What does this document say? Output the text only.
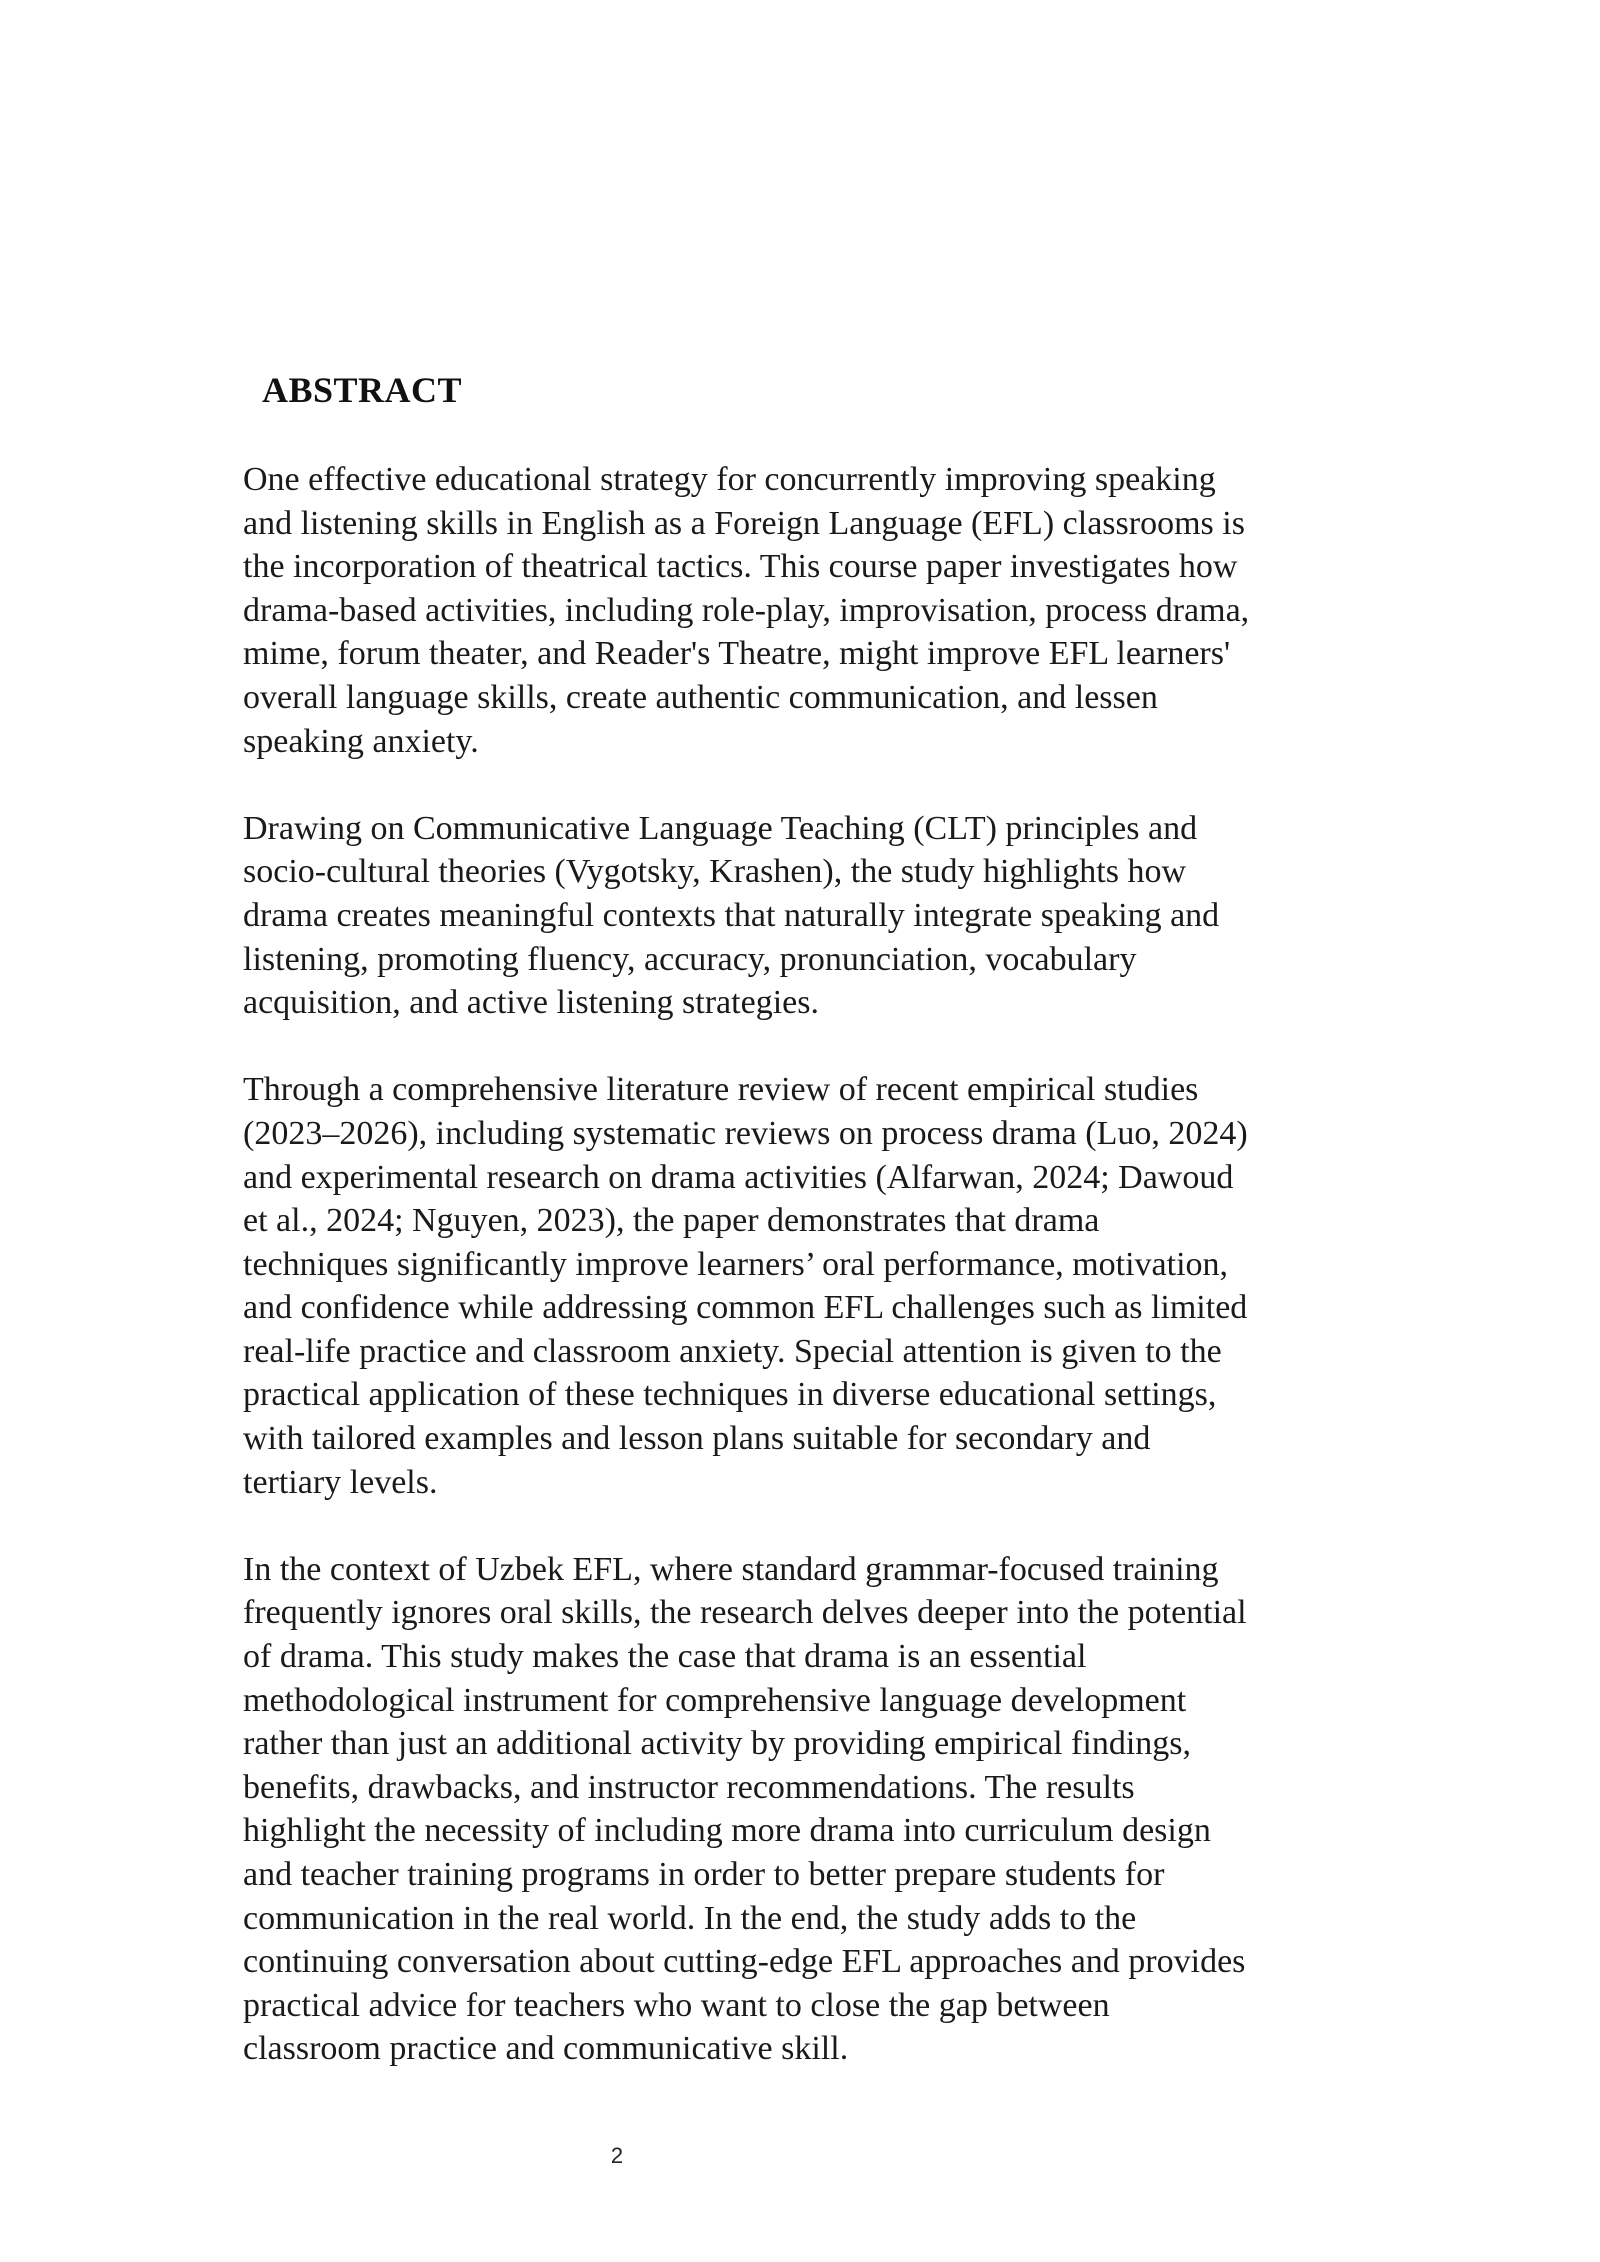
ABSTRACT

One effective educational strategy for concurrently improving speaking
and listening skills in English as a Foreign Language (EFL) classrooms is
the incorporation of theatrical tactics. This course paper investigates how
drama-based activities, including role-play, improvisation, process drama,
mime, forum theater, and Reader's Theatre, might improve EFL learners'
overall language skills, create authentic communication, and lessen
speaking anxiety.

Drawing on Communicative Language Teaching (CLT) principles and
socio-cultural theories (Vygotsky, Krashen), the study highlights how
drama creates meaningful contexts that naturally integrate speaking and
listening, promoting fluency, accuracy, pronunciation, vocabulary
acquisition, and active listening strategies.

Through a comprehensive literature review of recent empirical studies
(2023–2026), including systematic reviews on process drama (Luo, 2024)
and experimental research on drama activities (Alfarwan, 2024; Dawoud
et al., 2024; Nguyen, 2023), the paper demonstrates that drama
techniques significantly improve learners’ oral performance, motivation,
and confidence while addressing common EFL challenges such as limited
real-life practice and classroom anxiety. Special attention is given to the
practical application of these techniques in diverse educational settings,
with tailored examples and lesson plans suitable for secondary and
tertiary levels.

In the context of Uzbek EFL, where standard grammar-focused training
frequently ignores oral skills, the research delves deeper into the potential
of drama. This study makes the case that drama is an essential
methodological instrument for comprehensive language development
rather than just an additional activity by providing empirical findings,
benefits, drawbacks, and instructor recommendations. The results
highlight the necessity of including more drama into curriculum design
and teacher training programs in order to better prepare students for
communication in the real world. In the end, the study adds to the
continuing conversation about cutting-edge EFL approaches and provides
practical advice for teachers who want to close the gap between
classroom practice and communicative skill.

2
